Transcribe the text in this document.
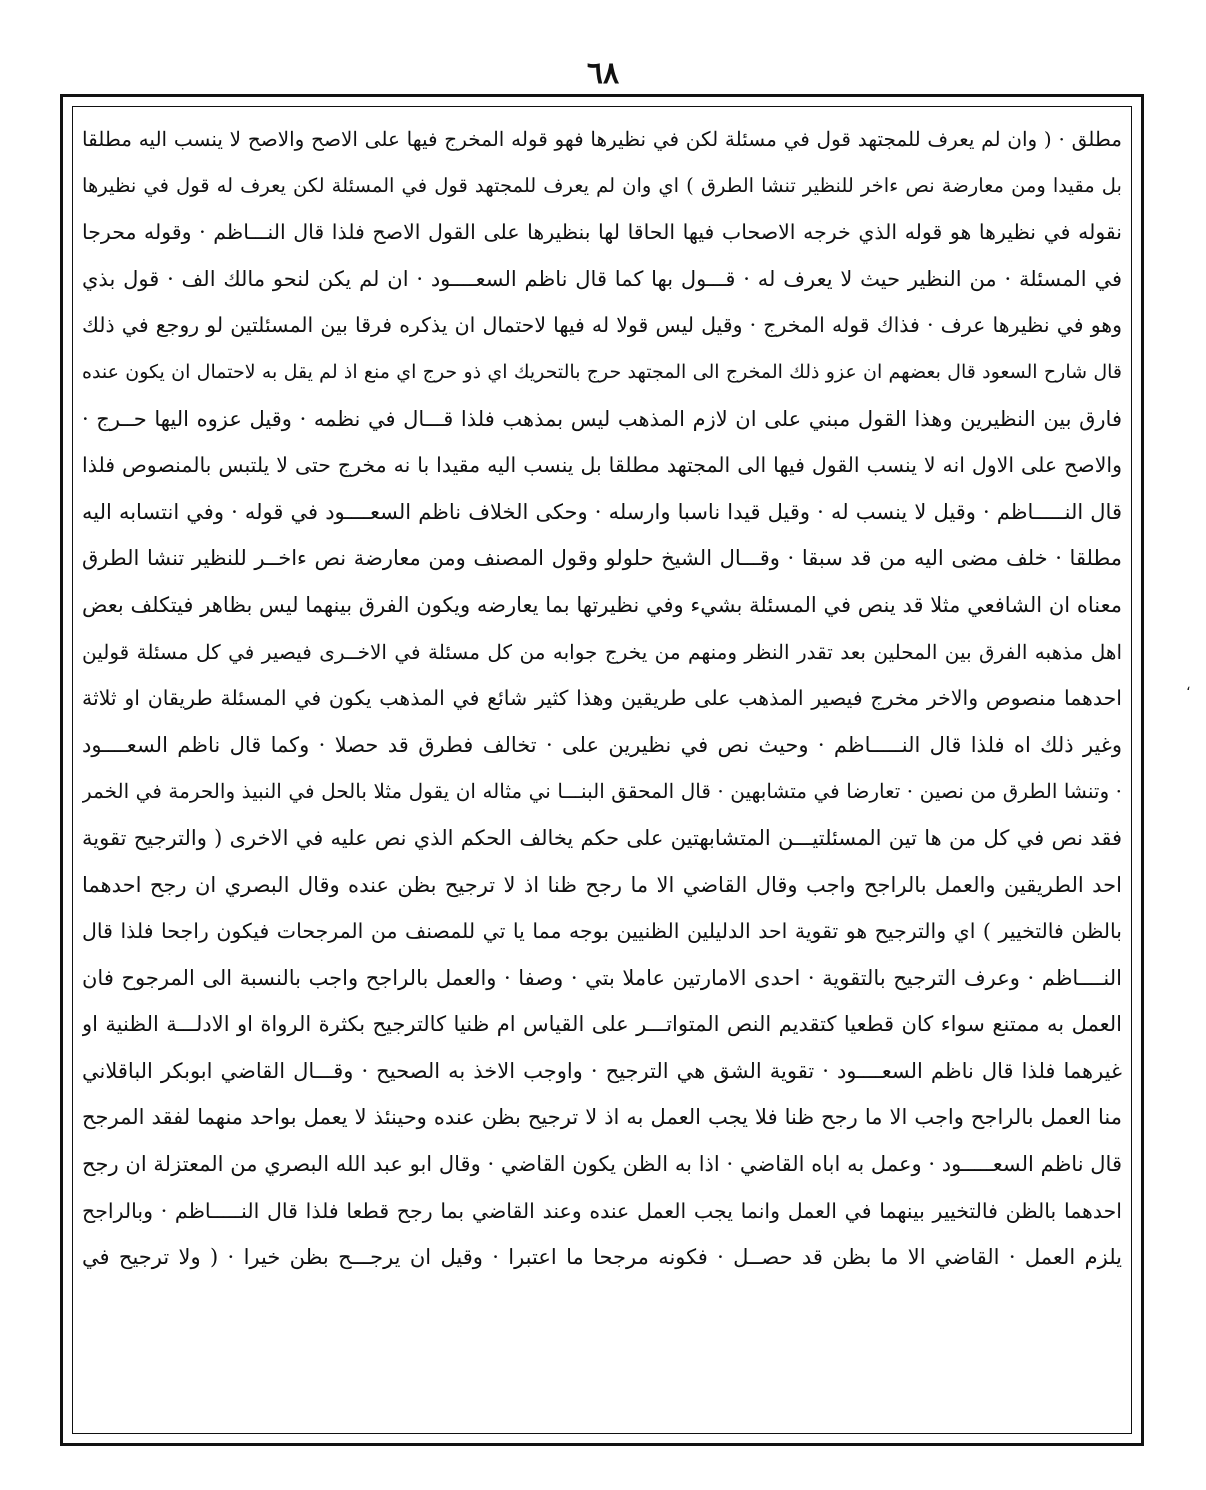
٦٨
،
مطلق · ( وان لم يعرف للمجتهد قول في مسئلة لكن في نظيرها فهو قوله المخرج فيها على الاصح والاصح لا ينسب اليه مطلقا
بل مقيدا ومن معارضة نص ءاخر للنظير تنشا الطرق ) اي وان لم يعرف للمجتهد قول في المسئلة لكن يعرف له قول في نظيرها
نقوله في نظيرها هو قوله الذي خرجه الاصحاب فيها الحاقا لها بنظيرها على القول الاصح فلذا قال النـــاظم · وقوله محرجا
في المسئلة · من النظير حيث لا يعرف له · قـــول بها كما قال ناظم السعــــود · ان لم يكن لنحو مالك الف · قول بذي
وهو في نظيرها عرف · فذاك قوله المخرج · وقيل ليس قولا له فيها لاحتمال ان يذكره فرقا بين المسئلتين لو روجع في ذلك
قال شارح السعود قال بعضهم ان عزو ذلك المخرج الى المجتهد حرج بالتحريك اي ذو حرج اي منع اذ لم يقل به لاحتمال ان يكون عنده
فارق بين النظيرين وهذا القول مبني على ان لازم المذهب ليس بمذهب فلذا قـــال في نظمه · وقيل عزوه اليها حــرج ·
والاصح على الاول انه لا ينسب القول فيها الى المجتهد مطلقا بل ينسب اليه مقيدا با نه مخرج حتى لا يلتبس بالمنصوص فلذا
قال النـــــاظم · وقيل لا ينسب له · وقيل قيدا ناسبا وارسله · وحكى الخلاف ناظم السعــــود في قوله · وفي انتسابه اليه
مطلقا · خلف مضى اليه من قد سبقا · وقـــال الشيخ حلولو وقول المصنف ومن معارضة نص ءاخــر للنظير تنشا الطرق
معناه ان الشافعي مثلا قد ينص في المسئلة بشيء وفي نظيرتها بما يعارضه ويكون الفرق بينهما ليس بظاهر فيتكلف بعض
اهل مذهبه الفرق بين المحلين بعد تقدر النظر ومنهم من يخرج جوابه من كل مسئلة في الاخــرى فيصير في كل مسئلة قولين
احدهما منصوص والاخر مخرج فيصير المذهب على طريقين وهذا كثير شائع في المذهب يكون في المسئلة طريقان او ثلاثة
وغير ذلك اه فلذا قال النـــــاظم · وحيث نص في نظيرين على · تخالف فطرق قد حصلا · وكما قال ناظم السعــــود
· وتنشا الطرق من نصين · تعارضا في متشابهين · قال المحقق البنـــا ني مثاله ان يقول مثلا بالحل في النبيذ والحرمة في الخمر
فقد نص في كل من ها تين المسئلتيـــن المتشابهتين على حكم يخالف الحكم الذي نص عليه في الاخرى ( والترجيح تقوية
احد الطريقين والعمل بالراجح واجب وقال القاضي الا ما رجح ظنا اذ لا ترجيح بظن عنده وقال البصري ان رجح احدهما
بالظن فالتخيير ) اي والترجيح هو تقوية احد الدليلين الظنيين بوجه مما يا تي للمصنف من المرجحات فيكون راجحا فلذا قال
النــــاظم · وعرف الترجيح بالتقوية · احدى الامارتين عاملا بتي · وصفا · والعمل بالراجح واجب بالنسبة الى المرجوح فان
العمل به ممتنع سواء كان قطعيا كتقديم النص المتواتـــر على القياس ام ظنيا كالترجيح بكثرة الرواة او الادلـــة الظنية او
غيرهما فلذا قال ناظم السعــــود · تقوية الشق هي الترجيح · واوجب الاخذ به الصحيح · وقـــال القاضي ابوبكر الباقلاني
منا العمل بالراجح واجب الا ما رجح ظنا فلا يجب العمل به اذ لا ترجيح بظن عنده وحينئذ لا يعمل بواحد منهما لفقد المرجح
قال ناظم السعـــــود · وعمل به اباه القاضي · اذا به الظن يكون القاضي · وقال ابو عبد الله البصري من المعتزلة ان رجح
احدهما بالظن فالتخيير بينهما في العمل وانما يجب العمل عنده وعند القاضي بما رجح قطعا فلذا قال النـــــاظم · وبالراجح
يلزم العمل · القاضي الا ما بظن قد حصــل · فكونه مرجحا ما اعتبرا · وقيل ان يرجـــح بظن خيرا · ( ولا ترجيح في
